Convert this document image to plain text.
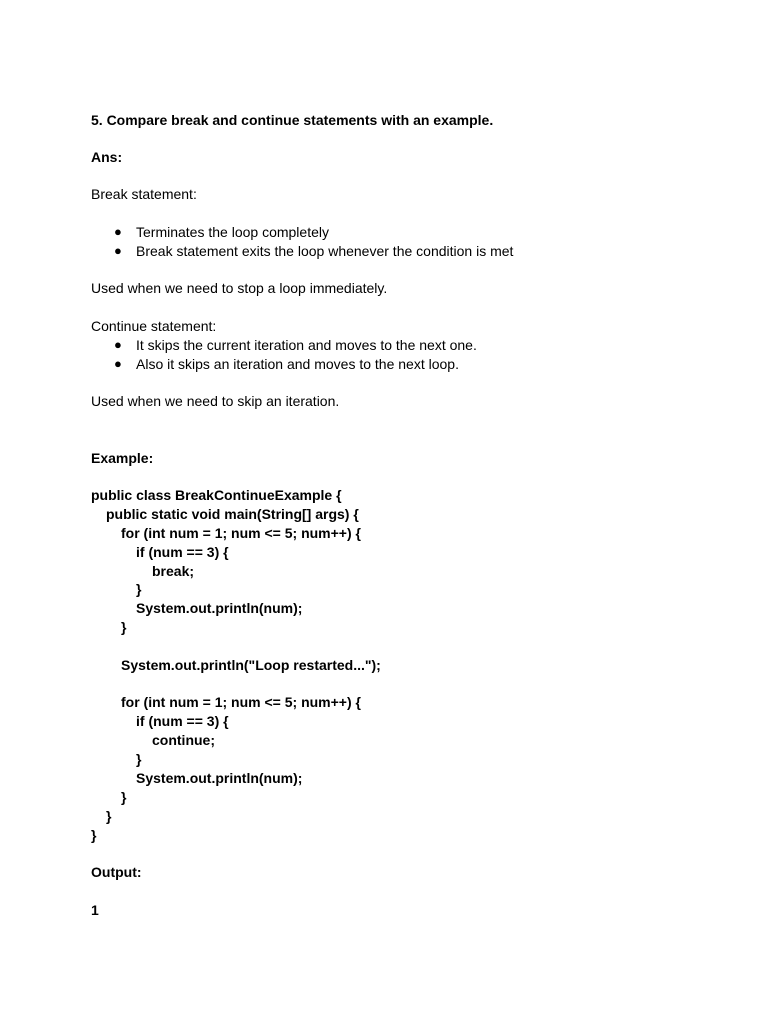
5. Compare break and continue statements with an example.
Ans:
Break statement:
● Terminates the loop completely
● Break statement exits the loop whenever the condition is met
Used when we need to stop a loop immediately.
Continue statement:
● It skips the current iteration and moves to the next one.
● Also it skips an iteration and moves to the next loop.
Used when we need to skip an iteration.
Example:
public class BreakContinueExample {
public static void main(String[] args) {
for (int num = 1; num <= 5; num++) {
if (num == 3) {
break;
}
System.out.println(num);
}
System.out.println("Loop restarted...");
for (int num = 1; num <= 5; num++) {
if (num == 3) {
continue;
}
System.out.println(num);
}
}
}
Output:
1
